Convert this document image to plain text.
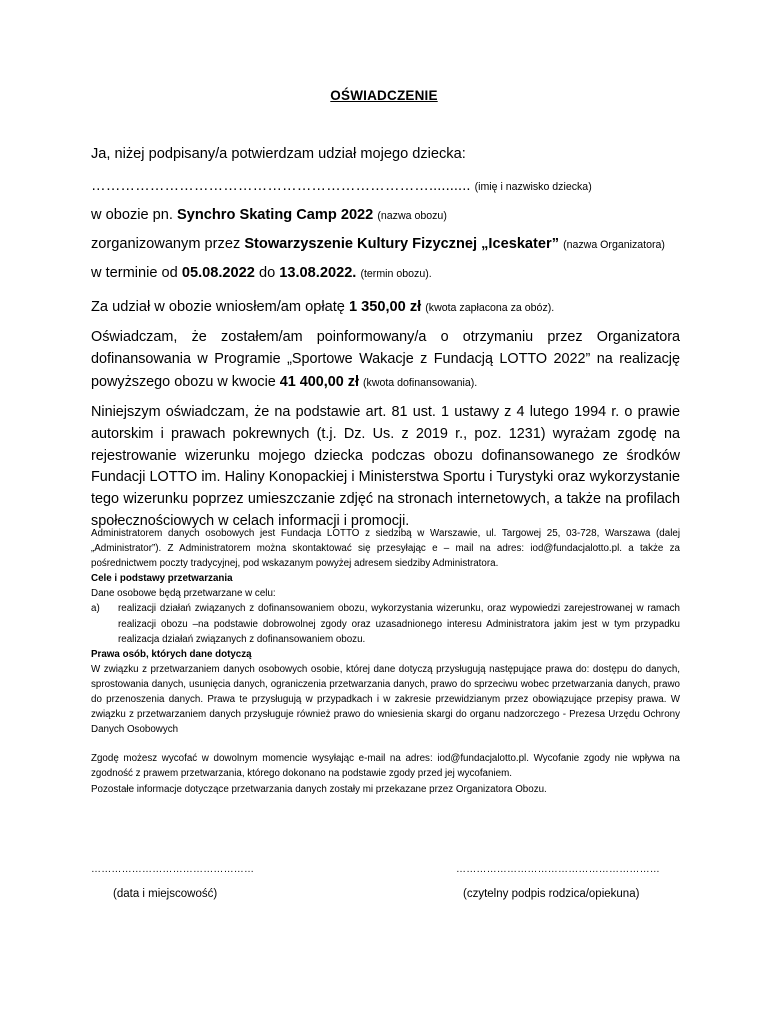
OŚWIADCZENIE
Ja, niżej podpisany/a potwierdzam udział mojego dziecka:
…………………………………………………………….......... (imię i nazwisko dziecka)
w obozie pn. Synchro Skating Camp 2022 (nazwa obozu)
zorganizowanym przez Stowarzyszenie Kultury Fizycznej „Iceskater” (nazwa Organizatora)
w terminie od 05.08.2022 do 13.08.2022. (termin obozu).
Za udział w obozie wniosłem/am opłatę 1 350,00 zł (kwota zapłacona za obóz).
Oświadczam, że zostałem/am poinformowany/a o otrzymaniu przez Organizatora dofinansowania w Programie „Sportowe Wakacje z Fundacją LOTTO 2022” na realizację powyższego obozu w kwocie 41 400,00 zł (kwota dofinansowania).
Niniejszym oświadczam, że na podstawie art. 81 ust. 1 ustawy z 4 lutego 1994 r. o prawie autorskim i prawach pokrewnych (t.j. Dz. Us. z 2019 r., poz. 1231) wyrażam zgodę na rejestrowanie wizerunku mojego dziecka podczas obozu dofinansowanego ze środków Fundacji LOTTO im. Haliny Konopackiej i Ministerstwa Sportu i Turystyki oraz wykorzystanie tego wizerunku poprzez umieszczanie zdjęć na stronach internetowych, a także na profilach społecznościowych w celach informacji i promocji.

Administratorem danych osobowych jest Fundacja LOTTO z siedzibą w Warszawie, ul. Targowej 25, 03-728, Warszawa (dalej „Administrator”). Z Administratorem można skontaktować się przesyłając e – mail na adres: iod@fundacjalotto.pl. a także za pośrednictwem poczty tradycyjnej, pod wskazanym powyżej adresem siedziby Administratora.

Cele i podstawy przetwarzania

Dane osobowe będą przetwarzane w celu:

a)	realizacji działań związanych z dofinansowaniem obozu, wykorzystania wizerunku, oraz wypowiedzi zarejestrowanej w ramach realizacji obozu –na podstawie dobrowolnej zgody oraz uzasadnionego interesu Administratora jakim jest w tym przypadku realizacja działań związanych z dofinansowaniem obozu.

Prawa osób, których dane dotyczą

W związku z przetwarzaniem danych osobowych osobie, której dane dotyczą przysługują następujące prawa do: dostępu do danych, sprostowania danych, usunięcia danych, ograniczenia przetwarzania danych, prawo do sprzeciwu wobec przetwarzania danych, prawo do przenoszenia danych. Prawa te przysługują w przypadkach i w zakresie przewidzianym przez obowiązujące przepisy prawa. W związku z przetwarzaniem danych przysługuje również prawo do wniesienia skargi do organu nadzorczego - Prezesa Urzędu Ochrony Danych Osobowych

Zgodę możesz wycofać w dowolnym momencie wysyłając e-mail na adres: iod@fundacjalotto.pl. Wycofanie zgody nie wpływa na zgodność z prawem przetwarzania, którego dokonano na podstawie zgody przed jej wycofaniem.

Pozostałe informacje dotyczące przetwarzania danych zostały mi przekazane przez Organizatora Obozu.

…………………………………………
(data i miejscowość)
……………………………………………………
(czytelny podpis rodzica/opiekuna)
